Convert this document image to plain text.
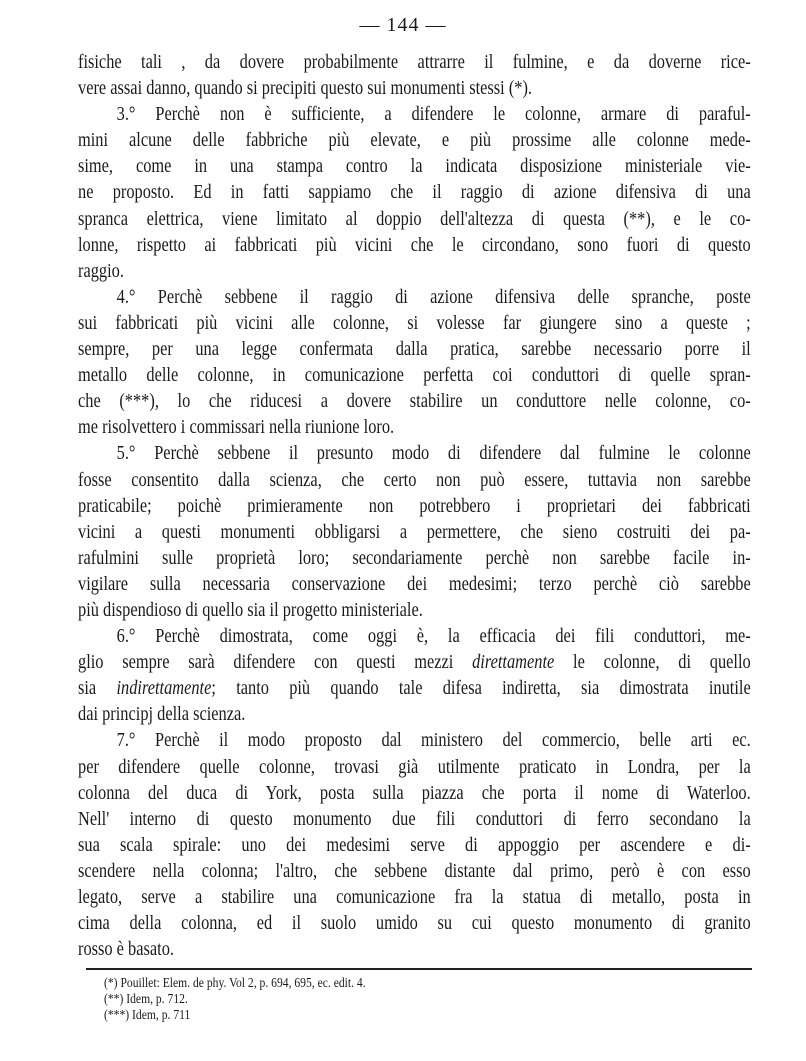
— 144 —
fisiche tali , da dovere probabilmente attrarre il fulmine, e da doverne rice-
vere assai danno, quando si precipiti questo sui monumenti stessi (*).
3.° Perchè non è sufficiente, a difendere le colonne, armare di paraful-
mini alcune delle fabbriche più elevate, e più prossime alle colonne mede-
sime, come in una stampa contro la indicata disposizione ministeriale vie-
ne proposto. Ed in fatti sappiamo che il raggio di azione difensiva di una
spranca elettrica, viene limitato al doppio dell'altezza di questa (**), e le co-
lonne, rispetto ai fabbricati più vicini che le circondano, sono fuori di questo
raggio.
4.° Perchè sebbene il raggio di azione difensiva delle spranche, poste
sui fabbricati più vicini alle colonne, si volesse far giungere sino a queste ;
sempre, per una legge confermata dalla pratica, sarebbe necessario porre il
metallo delle colonne, in comunicazione perfetta coi conduttori di quelle spran-
che (***), lo che riducesi a dovere stabilire un conduttore nelle colonne, co-
me risolvettero i commissari nella riunione loro.
5.° Perchè sebbene il presunto modo di difendere dal fulmine le colonne
fosse consentito dalla scienza, che certo non può essere, tuttavia non sarebbe
praticabile; poichè primieramente non potrebbero i proprietari dei fabbricati
vicini a questi monumenti obbligarsi a permettere, che sieno costruiti dei pa-
rafulmini sulle proprietà loro; secondariamente perchè non sarebbe facile in-
vigilare sulla necessaria conservazione dei medesimi; terzo perchè ciò sarebbe
più dispendioso di quello sia il progetto ministeriale.
6.° Perchè dimostrata, come oggi è, la efficacia dei fili conduttori, me-
glio sempre sarà difendere con questi mezzi direttamente le colonne, di quello
sia indirettamente; tanto più quando tale difesa indiretta, sia dimostrata inutile
dai principj della scienza.
7.° Perchè il modo proposto dal ministero del commercio, belle arti ec.
per difendere quelle colonne, trovasi già utilmente praticato in Londra, per la
colonna del duca di York, posta sulla piazza che porta il nome di Waterloo.
Nell' interno di questo monumento due fili conduttori di ferro secondano la
sua scala spirale: uno dei medesimi serve di appoggio per ascendere e di-
scendere nella colonna; l'altro, che sebbene distante dal primo, però è con esso
legato, serve a stabilire una comunicazione fra la statua di metallo, posta in
cima della colonna, ed il suolo umido su cui questo monumento di granito
rosso è basato.
(*) Pouillet: Elem. de phy. Vol 2, p. 694, 695, ec. edit. 4.
(**) Idem, p. 712.
(***) Idem, p. 711
